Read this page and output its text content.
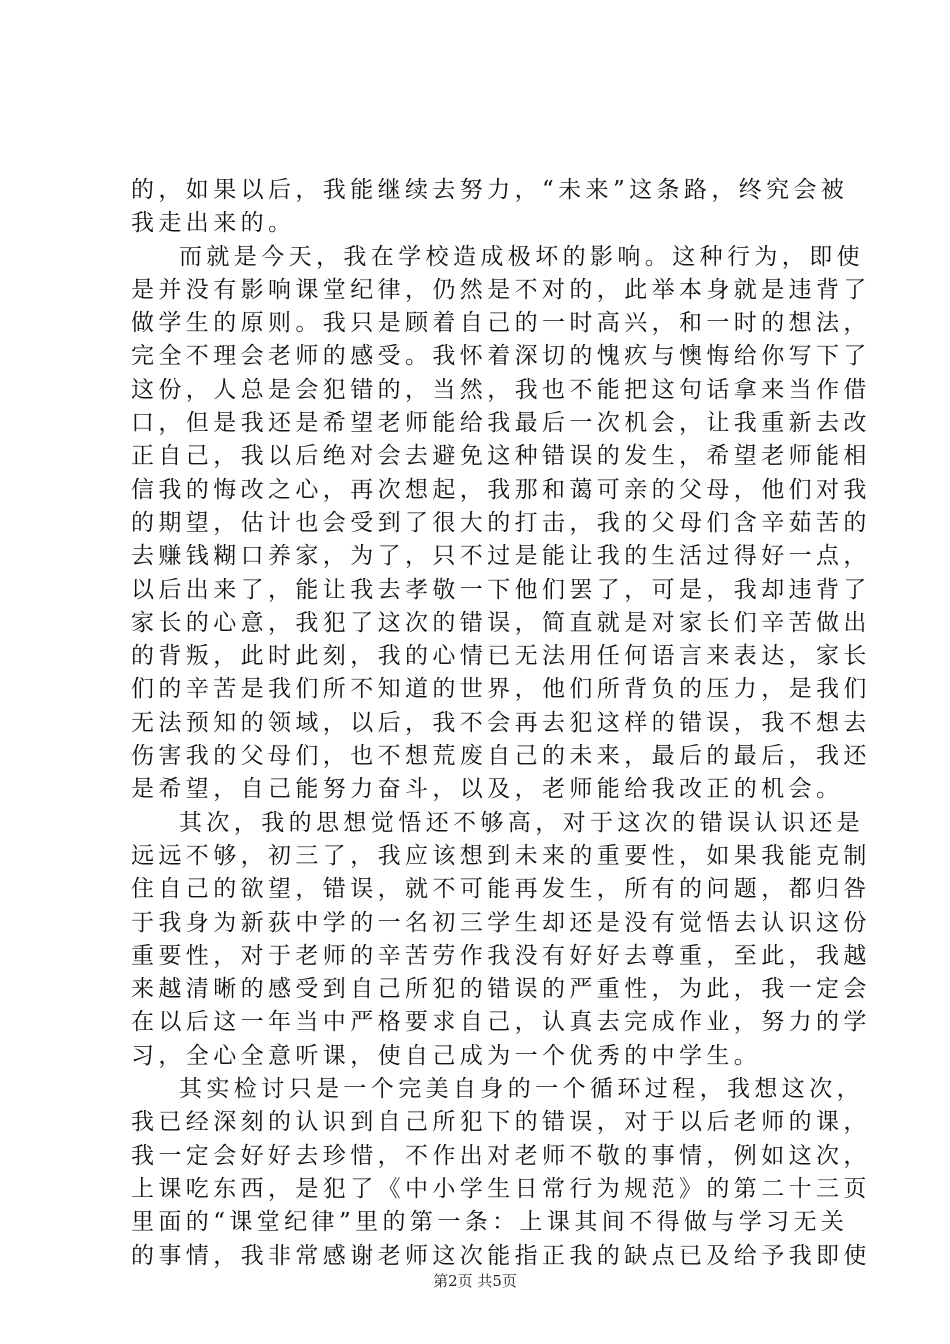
的，如果以后，我能继续去努力，“未来”这条路，终究会被
我走出来的。
而就是今天，我在学校造成极坏的影响。这种行为，即使
是并没有影响课堂纪律，仍然是不对的，此举本身就是违背了
做学生的原则。我只是顾着自己的一时高兴，和一时的想法，
完全不理会老师的感受。我怀着深切的愧疚与懊悔给你写下了
这份，人总是会犯错的，当然，我也不能把这句话拿来当作借
口，但是我还是希望老师能给我最后一次机会，让我重新去改
正自己，我以后绝对会去避免这种错误的发生，希望老师能相
信我的悔改之心，再次想起，我那和蔼可亲的父母，他们对我
的期望，估计也会受到了很大的打击，我的父母们含辛茹苦的
去赚钱糊口养家，为了，只不过是能让我的生活过得好一点，
以后出来了，能让我去孝敬一下他们罢了，可是，我却违背了
家长的心意，我犯了这次的错误，简直就是对家长们辛苦做出
的背叛，此时此刻，我的心情已无法用任何语言来表达，家长
们的辛苦是我们所不知道的世界，他们所背负的压力，是我们
无法预知的领域，以后，我不会再去犯这样的错误，我不想去
伤害我的父母们，也不想荒废自己的未来，最后的最后，我还
是希望，自己能努力奋斗，以及，老师能给我改正的机会。
其次，我的思想觉悟还不够高，对于这次的错误认识还是
远远不够，初三了，我应该想到未来的重要性，如果我能克制
住自己的欲望，错误，就不可能再发生，所有的问题，都归咎
于我身为新荻中学的一名初三学生却还是没有觉悟去认识这份
重要性，对于老师的辛苦劳作我没有好好去尊重，至此，我越
来越清晰的感受到自己所犯的错误的严重性，为此，我一定会
在以后这一年当中严格要求自己，认真去完成作业，努力的学
习，全心全意听课，使自己成为一个优秀的中学生。
其实检讨只是一个完美自身的一个循环过程，我想这次，
我已经深刻的认识到自己所犯下的错误，对于以后老师的课，
我一定会好好去珍惜，不作出对老师不敬的事情，例如这次，
上课吃东西，是犯了《中小学生日常行为规范》的第二十三页
里面的“课堂纪律”里的第一条：上课其间不得做与学习无关
的事情，我非常感谢老师这次能指正我的缺点已及给予我即使
第2页 共5页
